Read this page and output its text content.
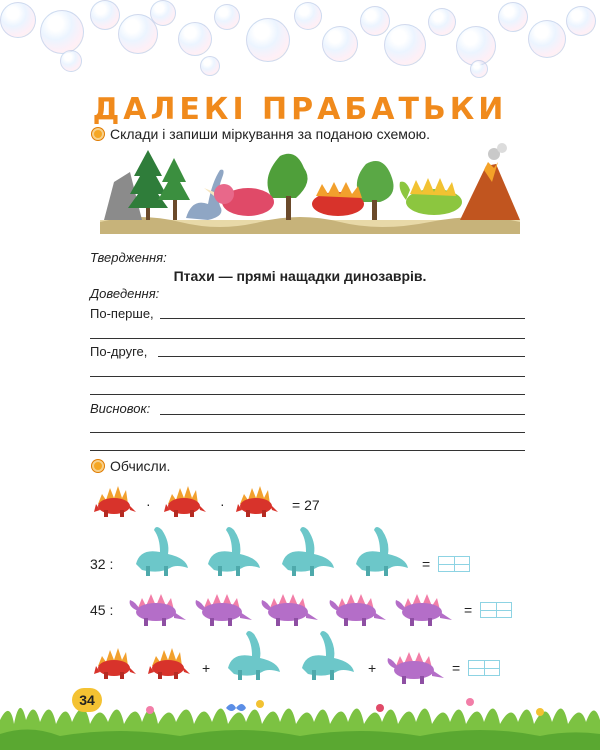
ДАЛЕКІ ПРАБАТЬКИ
Склади і запиши міркування за поданою схемою.
Твердження:
Птахи — прямі нащадки динозаврів.
Доведення:
По-перше,
По-друге,
Висновок:
Обчисли.
·	·	= 27
32 :	=
45 :	=
+	+	=
34
